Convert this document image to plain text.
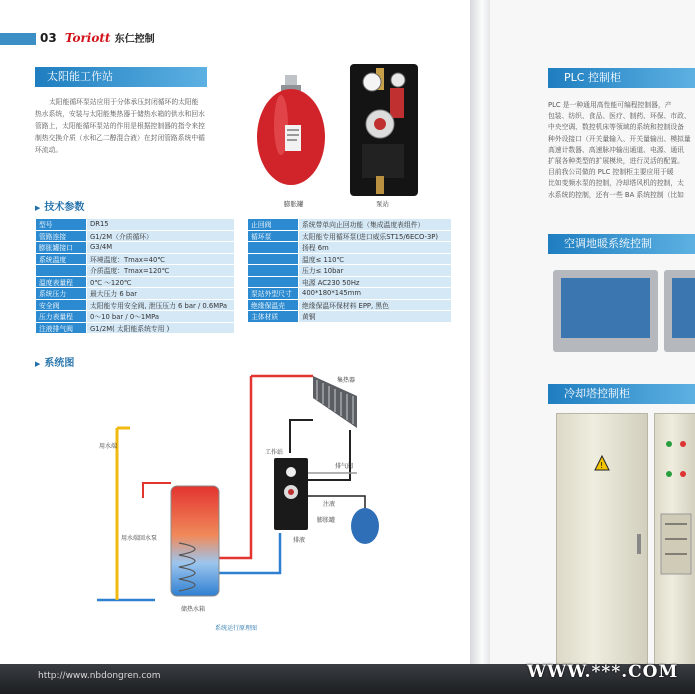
03 Toriott 东仁控制
太阳能工作站
太阳能循环泵站应用于分体承压封闭循环的太阳能热水系统，安装与太阳能集热器于储热水箱的供水和回水管路上，太阳能循环泵站的作用是根据控制器的指令来控制热交换介质（水和乙二醇混合液）在封闭管路系统中循环流动。
膨胀罐	泵站
▶ 技术参数
型号	DR15
管路连接	G1/2M（介质循环）
膨胀罐接口	G3/4M
系统温度	环境温度：Tmax=40℃
	介质温度：Tmax=120℃
温度表量程	0℃ ～120℃
系统压力	最大压力 6 bar
安全阀	太阳能专用安全阀, 泄压压力 6 bar / 0.6MPa
压力表量程	0～10 bar / 0～1MPa
注液排气阀	G1/2M( 太阳能系统专用 )
止回阀	系统带单向止回功能（集成温度表组件）
循环泵	太阳能专用循环泵(进口威乐ST15/6ECO-3P)
	扬程 6m
	温度≤ 110℃
	压力≤ 10bar
	电源 AC230 50Hz
泵站外型尺寸	400*180*145mm
绝缘保温壳	绝缘保温环保材料 EPP, 黑色
主体材质	黄铜
▶ 系统图
集热器
工作站
排气阀
注液
排液
膨胀罐
用水端
用水端回水泵
储热水箱
系统运行原理图
PLC 控制柜
PLC 是一种通用高性能可编程控制器，产
包装、纺织、食品、医疗、制药、环保、市政、
中央空调、数控机床等领域的系统和控制设备
种外设接口（开关量输入、开关量输出、模拟量
高速计数器、高速脉冲输出通道、电源、通讯
扩展各种类型的扩展模块，进行灵活的配置。
目前我公司做的 PLC 控制柜主要应用于暖
比如变频水泵的控制，冷却塔风机的控制，太
水系统的控制，还有一些 BA 系统控制（比如
空调地暖系统控制
冷却塔控制柜
!
http://www.nbdongren.com	WWW.***.COM
